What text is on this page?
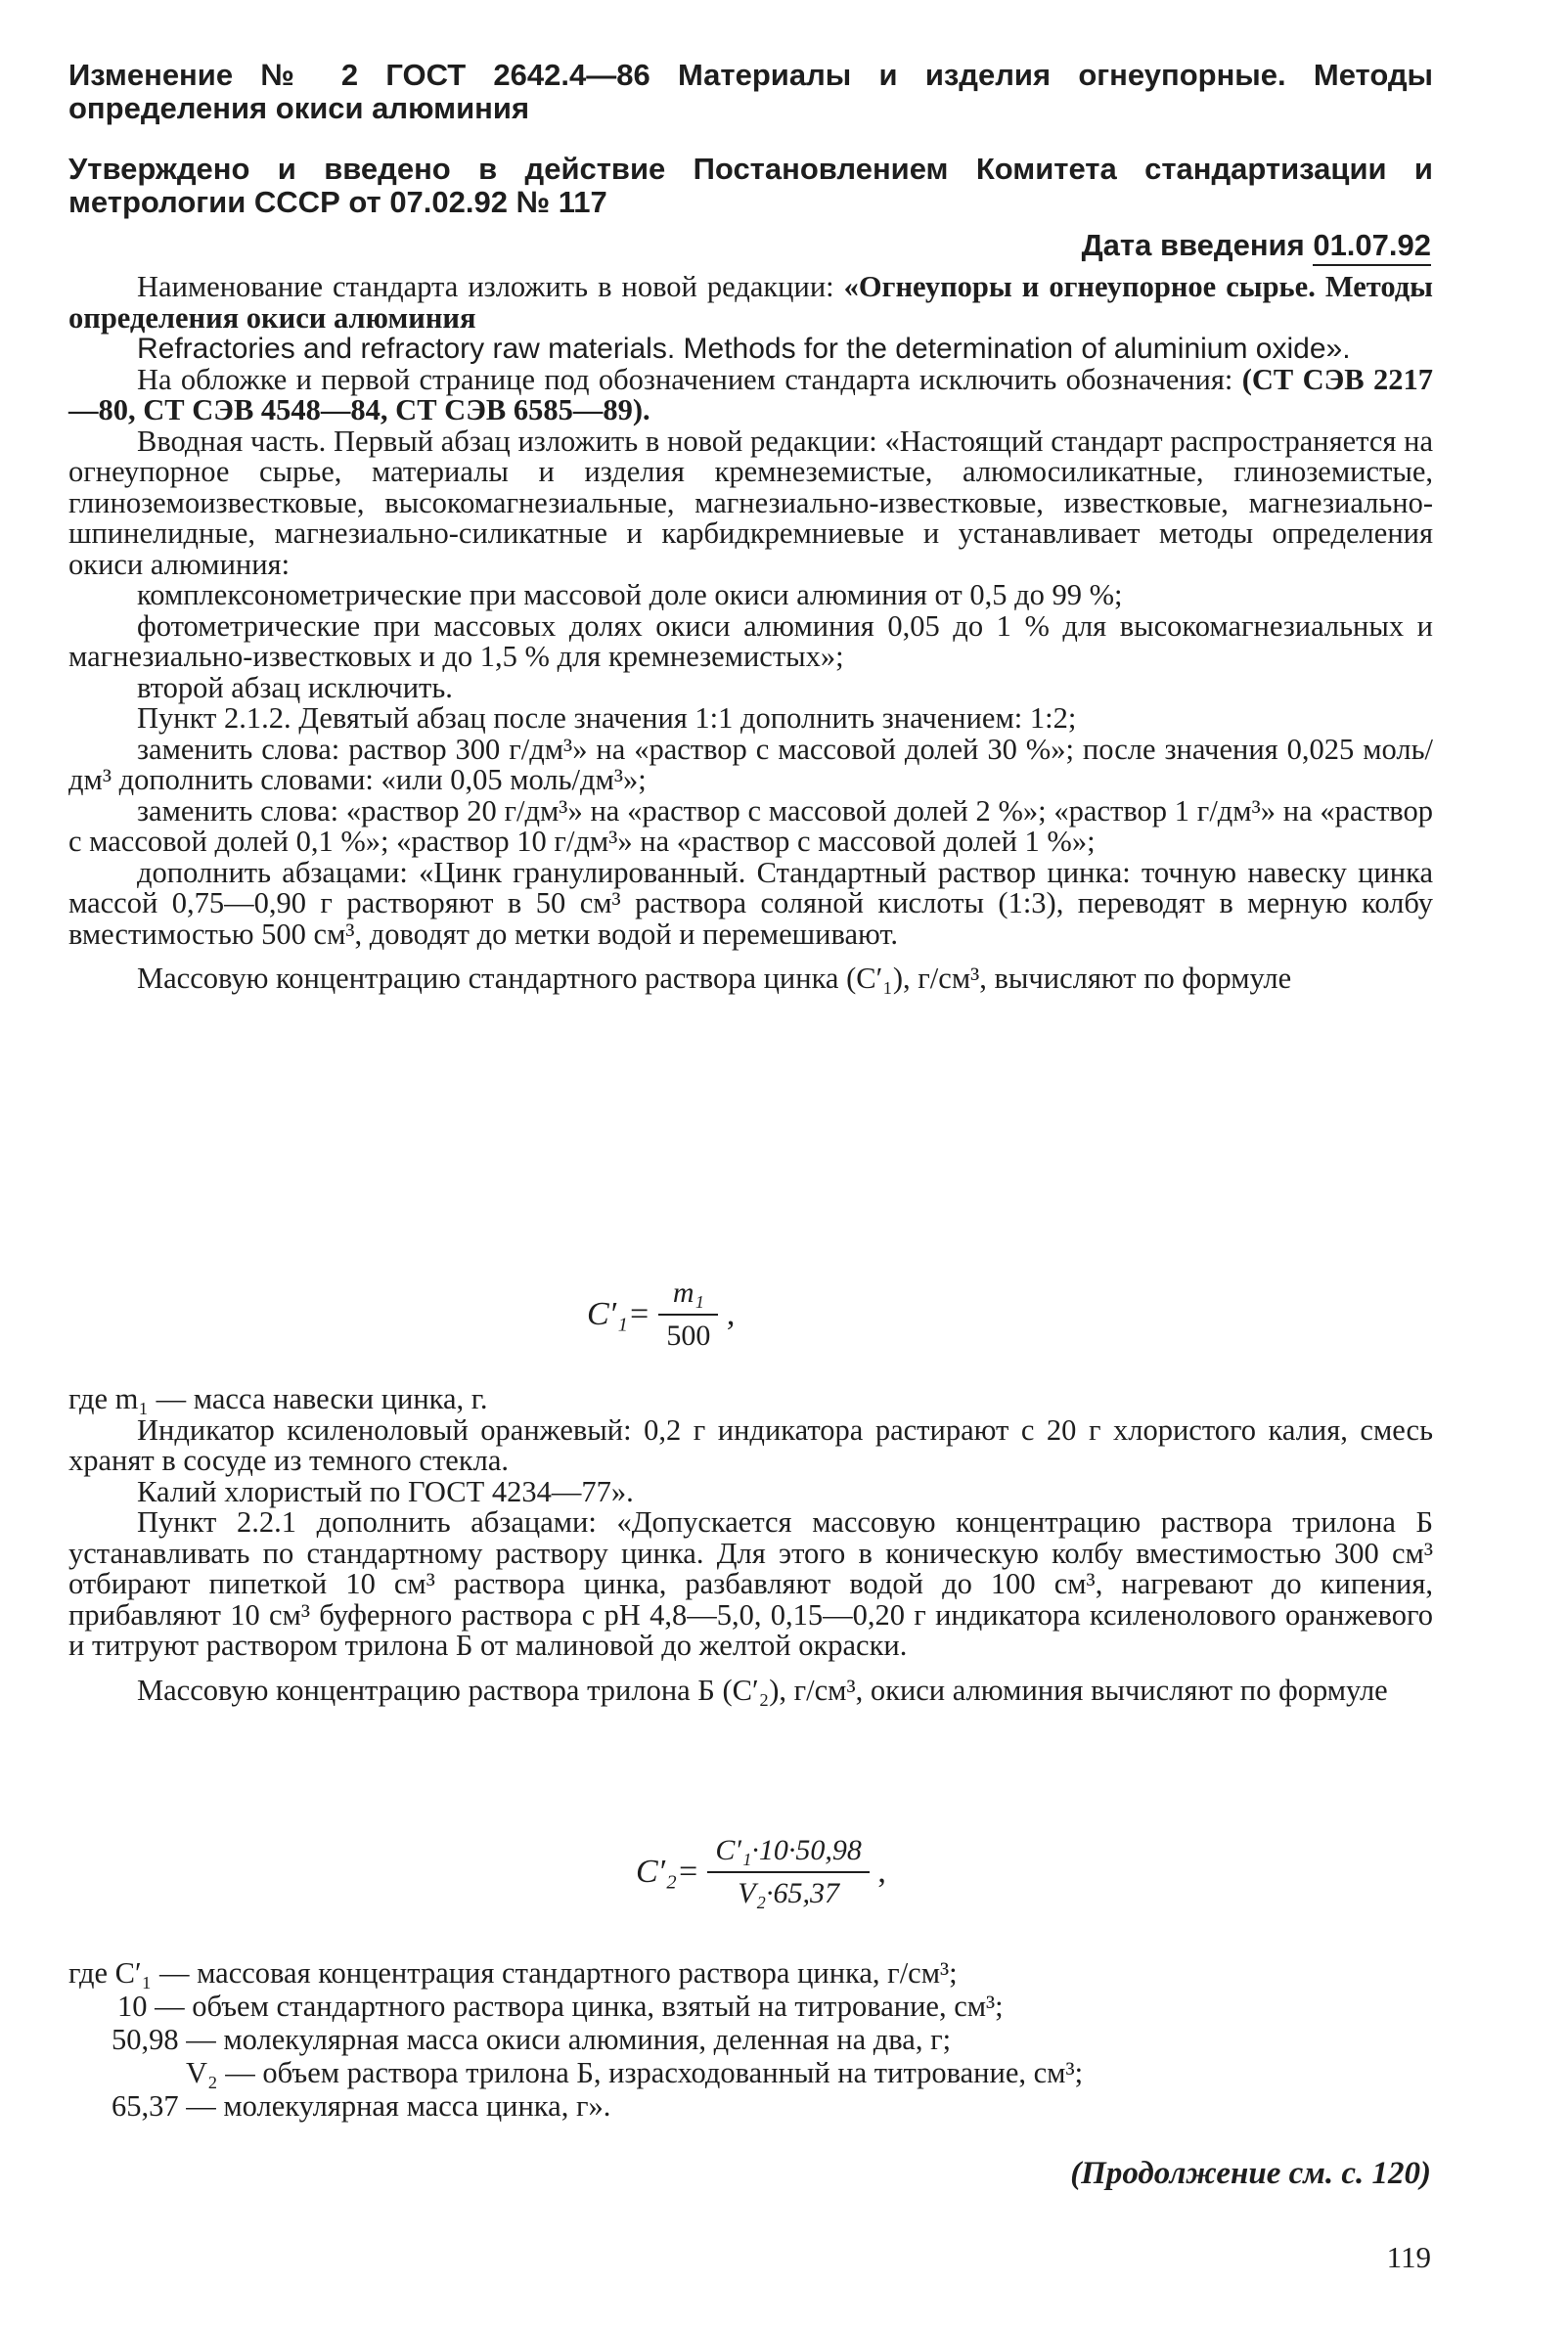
Изменение № 2 ГОСТ 2642.4—86 Материалы и изделия огнеупорные. Методы определения окиси алюминия

Утверждено и введено в действие Постановлением Комитета стандартизации и метрологии СССР от 07.02.92 № 117

Дата введения 01.07.92

Наименование стандарта изложить в новой редакции: «Огнеупоры и огнеупорное сырье. Методы определения окиси алюминия

Refractories and refractory raw materials. Methods for the determination of aluminium oxide».

На обложке и первой странице под обозначением стандарта исключить обозначения: (СТ СЭВ 2217—80, СТ СЭВ 4548—84, СТ СЭВ 6585—89).

Вводная часть. Первый абзац изложить в новой редакции: «Настоящий стандарт распространяется на огнеупорное сырье, материалы и изделия кремнеземистые, алюмосиликатные, глиноземистые, глиноземоизвестковые, высокомагнезиальные, магнезиально-известковые, известковые, магнезиально-шпинелидные, магнезиально-силикатные и карбидкремниевые и устанавливает методы определения окиси алюминия:

комплексонометрические при массовой доле окиси алюминия от 0,5 до 99 %;

фотометрические при массовых долях окиси алюминия 0,05 до 1 % для высокомагнезиальных и магнезиально-известковых и до 1,5 % для кремнеземистых»;

второй абзац исключить.

Пункт 2.1.2. Девятый абзац после значения 1:1 дополнить значением: 1:2;

заменить слова: раствор 300 г/дм³» на «раствор с массовой долей 30 %»; после значения 0,025 моль/дм³ дополнить словами: «или 0,05 моль/дм³»;

заменить слова: «раствор 20 г/дм³» на «раствор с массовой долей 2 %»; «раствор 1 г/дм³» на «раствор с массовой долей 0,1 %»; «раствор 10 г/дм³» на «раствор с массовой долей 1 %»;

дополнить абзацами: «Цинк гранулированный. Стандартный раствор цинка: точную навеску цинка массой 0,75—0,90 г растворяют в 50 см³ раствора соляной кислоты (1:3), переводят в мерную колбу вместимостью 500 см³, доводят до метки водой и перемешивают.

Массовую концентрацию стандартного раствора цинка (C′₁), г/см³, вычисляют по формуле

$C'_1= \frac{\text{m₁}}{500}$ ,

где m₁ — масса навески цинка, г.

Индикатор ксиленоловый оранжевый: 0,2 г индикатора растирают с 20 г хлористого калия, смесь хранят в сосуде из темного стекла.

Калий хлористый по ГОСТ 4234—77».

Пункт 2.2.1 дополнить абзацами: «Допускается массовую концентрацию раствора трилона Б устанавливать по стандартному раствору цинка. Для этого в коническую колбу вместимостью 300 см³ отбирают пипеткой 10 см³ раствора цинка, разбавляют водой до 100 см³, нагревают до кипения, прибавляют 10 см³ буферного раствора с pH 4,8—5,0, 0,15—0,20 г индикатора ксиленолового оранжевого и титруют раствором трилона Б от малиновой до желтой окраски.

Массовую концентрацию раствора трилона Б (C′₂), г/см³, окиси алюминия вычисляют по формуле

$C'_2= \frac{\text{C′₁·10·50,98}}{\text{V₂·65,37}}$ ,
где C′₁ — массовая концентрация стандартного раствора цинка, г/см³;
10 — объем стандартного раствора цинка, взятый на титрование, см³;
50,98 — молекулярная масса окиси алюминия, деленная на два, г;
V₂ — объем раствора трилона Б, израсходованный на титрование, см³;
65,37 — молекулярная масса цинка, г».
(Продолжение см. с. 120)
119
